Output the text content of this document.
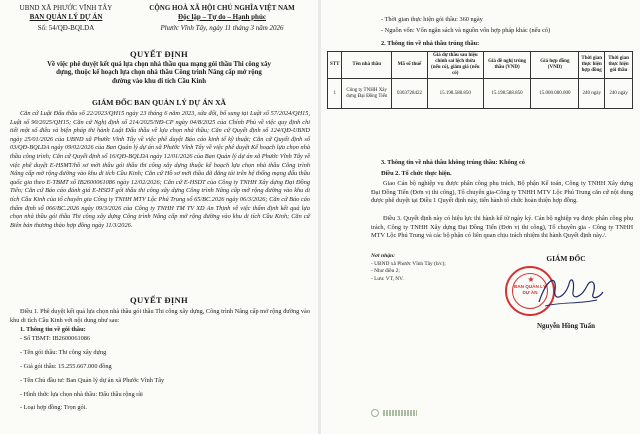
UBND XÃ PHƯỚC VĨNH TÂY
BAN QUẢN LÝ DỰ ÁN
Số: 54/QĐ-BQLDA
CỘNG HOÀ XÃ HỘI CHỦ NGHĨA VIỆT NAM
Độc lập – Tự do – Hạnh phúc
Phước Vĩnh Tây, ngày 11 tháng 3 năm 2026
QUYẾT ĐỊNH
Về việc phê duyệt kết quả lựa chọn nhà thầu qua mạng gói thầu Thi công xây dựng, thuộc kế hoạch lựa chọn nhà thầu Công trình Nâng cấp mở rộng đường vào khu di tích Cầu Kinh
GIÁM ĐỐC BAN QUẢN LÝ DỰ ÁN XÃ
Căn cứ Luật Đấu thầu số 22/2023/QH15 ngày 23 tháng 6 năm 2023, sửa đổi, bổ sung tại Luật số 57/2024/QH15, Luật số 90/2025/QH15; Căn cứ Nghị định số 214/2025/NĐ-CP ngày 04/8/2025 của Chính Phủ về việc quy định chi tiết một số điều và biện pháp thi hành Luật Đấu thầu về lựa chọn nhà thầu; Căn cứ Quyết định số 124/QĐ-UBND ngày 25/01/2026 của UBND xã Phước Vĩnh Tây về việc phê duyệt Báo cáo kinh tế kỹ thuật; Căn cứ Quyết định số 03/QĐ-BQLDA ngày 09/02/2026 của Ban Quản lý dự án xã Phước Vĩnh Tây về việc phê duyệt Kế hoạch lựa chọn nhà thầu công trình; Căn cứ Quyết định số 16/QĐ-BQLDA ngày 12/01/2026 của Ban Quản lý dự án xã Phước Vĩnh Tây về việc phê duyệt E-HSMT/hồ sơ mời thầu gói thầu thi công xây dựng thuộc kế hoạch lựa chọn nhà thầu Công trình Nâng cấp mở rộng đường vào khu di tích Cầu Kinh; Căn cứ Hồ sơ mời thầu đã đăng tải trên hệ thống mạng đấu thầu quốc gia theo E-TBMT số IB2600061086 ngày 12/02/2026; Căn cứ E-HSDT của Công ty TNHH Xây dựng Đại Đồng Tiến; Căn cứ Báo cáo đánh giá E-HSDT gói thầu thi công xây dựng Công trình Nâng cấp mở rộng đường vào khu di tích Cầu Kinh của tổ chuyên gia Công ty TNHH MTV Lộc Phú Trung số 65/BC.2026 ngày 06/3/2026; Căn cứ Báo cáo thẩm định số 066/BC.2026 ngày 09/3/2026 của Công ty TNHH TM TV XD An Thịnh về việc thẩm định kết quả lựa chọn nhà thầu gói thầu Thi công xây dựng Công trình Nâng cấp mở rộng đường vào khu di tích Cầu Kinh; Căn cứ Biên bản thương thảo hợp đồng ngày 11/3/2026.
QUYẾT ĐỊNH
Điều 1. Phê duyệt kết quả lựa chọn nhà thầu gói thầu Thi công xây dựng, Công trình Nâng cấp mở rộng đường vào khu di tích Cầu Kinh với nội dung như sau:
1. Thông tin về gói thầu:
- Số TBMT: IB2600061086
- Tên gói thầu: Thi công xây dựng
- Giá gói thầu: 15.255.667.000 đồng
- Tên Chủ đầu tư: Ban Quản lý dự án xã Phước Vĩnh Tây
- Hình thức lựa chọn nhà thầu: Đấu thầu rộng rãi
- Loại hợp đồng: Trọn gói.
- Thời gian thực hiện gói thầu: 360 ngày
- Nguồn vốn: Vốn ngân sách và nguồn vốn hợp pháp khác (nếu có)
2. Thông tin về nhà thầu trúng thầu:
STT	Tên nhà thầu	Mã số thuế	Giá dự thầu sau hiệu chỉnh sai lệch thừa (nếu có), giảm giá (nếu có)	Giá đề nghị trúng thầu (VND)	Giá hợp đồng (VND)	Thời gian thực hiện hợp đồng	Thời gian thực hiện gói thầu
1	Công ty TNHH Xây dựng Đại Đồng Tiến	0303728422	15.198.588.850	15.198.588.850	15.000.000.000	240 ngày	240 ngày
3. Thông tin về nhà thầu không trúng thầu: Không có
Điều 2. Tổ chức thực hiện.
Giao Cán bộ nghiệp vụ được phân công phụ trách, Bộ phận Kế toán, Công ty TNHH Xây dựng Đại Đồng Tiến (Đơn vị thi công), Tổ chuyên gia-Công ty TNHH MTV Lộc Phú Trung căn cứ nội dung được phê duyệt tại Điều 1 Quyết định này, tiến hành tổ chức hoàn thiện hợp đồng.
Điều 3. Quyết định này có hiệu lực thi hành kể từ ngày ký. Cán bộ nghiệp vụ được phân công phụ trách, Công ty TNHH Xây dựng Đại Đồng Tiến (Đơn vị thi công), Tổ chuyên gia - Công ty TNHH MTV Lộc Phú Trung và các bộ phận có liên quan chịu trách nhiệm thi hành Quyết định này./.
Nơi nhận:
- UBND xã Phước Vĩnh Tây (b/c);
- Như điều 2;
- Lưu: VT, NV.
GIÁM ĐỐC
BAN QUẢN LÝ DỰ ÁN
★
Nguyễn Hồng Tuấn
